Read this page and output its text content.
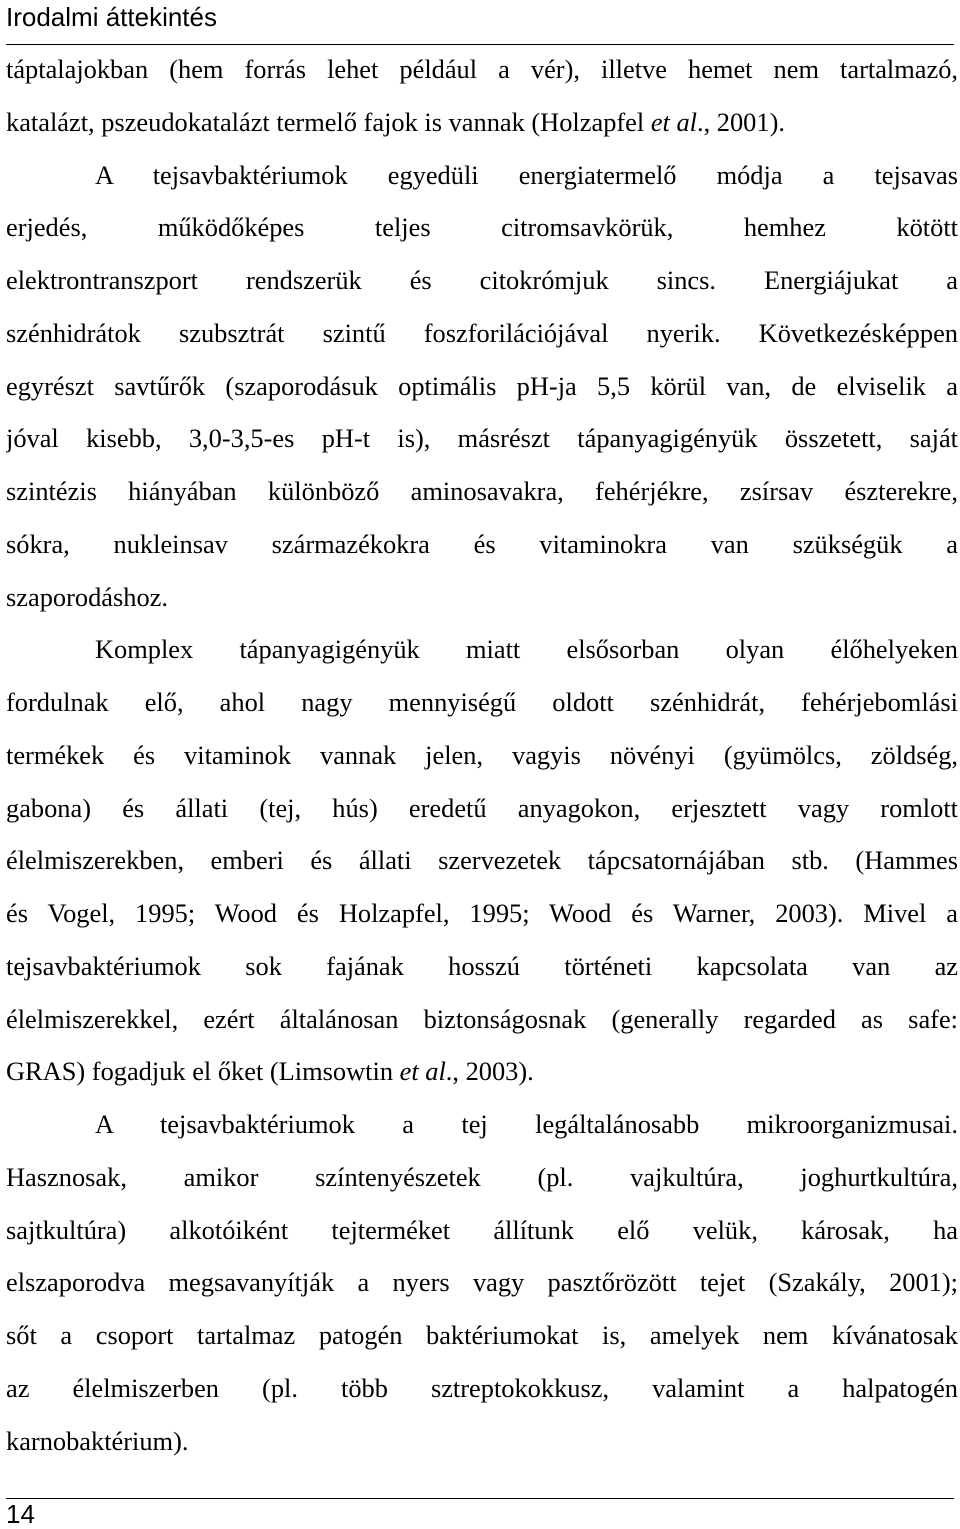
Irodalmi áttekintés
táptalajokban (hem forrás lehet például a vér), illetve hemet nem tartalmazó,
katalázt, pszeudokatalázt termelő fajok is vannak (Holzapfel et al., 2001).
A tejsavbaktériumok egyedüli energiatermelő módja a tejsavas
erjedés, működőképes teljes citromsavkörük, hemhez kötött
elektrontranszport rendszerük és citokrómjuk sincs. Energiájukat a
szénhidrátok szubsztrát szintű foszforilációjával nyerik. Következésképpen
egyrészt savtűrők (szaporodásuk optimális pH-ja 5,5 körül van, de elviselik a
jóval kisebb, 3,0-3,5-es pH-t is), másrészt tápanyagigényük összetett, saját
szintézis hiányában különböző aminosavakra, fehérjékre, zsírsav észterekre,
sókra, nukleinsav származékokra és vitaminokra van szükségük a
szaporodáshoz.
Komplex tápanyagigényük miatt elsősorban olyan élőhelyeken
fordulnak elő, ahol nagy mennyiségű oldott szénhidrát, fehérjebomlási
termékek és vitaminok vannak jelen, vagyis növényi (gyümölcs, zöldség,
gabona) és állati (tej, hús) eredetű anyagokon, erjesztett vagy romlott
élelmiszerekben, emberi és állati szervezetek tápcsatornájában stb. (Hammes
és Vogel, 1995; Wood és Holzapfel, 1995; Wood és Warner, 2003). Mivel a
tejsavbaktériumok sok fajának hosszú történeti kapcsolata van az
élelmiszerekkel, ezért általánosan biztonságosnak (generally regarded as safe:
GRAS) fogadjuk el őket (Limsowtin et al., 2003).
A tejsavbaktériumok a tej legáltalánosabb mikroorganizmusai.
Hasznosak, amikor színtenyészetek (pl. vajkultúra, joghurtkultúra,
sajtkultúra) alkotóiként tejterméket állítunk elő velük, károsak, ha
elszaporodva megsavanyítják a nyers vagy pasztőrözött tejet (Szakály, 2001);
sőt a csoport tartalmaz patogén baktériumokat is, amelyek nem kívánatosak
az élelmiszerben (pl. több sztreptokokkusz, valamint a halpatogén
karnobaktérium).
14
